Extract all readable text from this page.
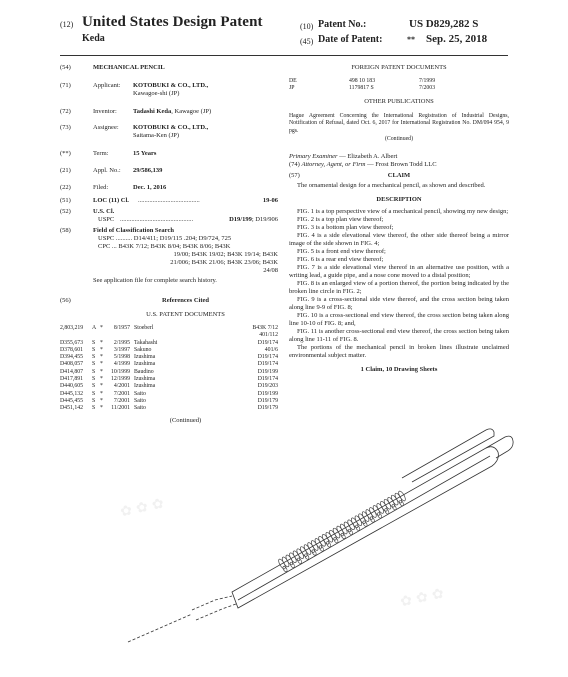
(12) United States Design Patent
Keda
(10) Patent No.:	US D829,282 S
(45) Date of Patent:	** Sep. 25, 2018
(54)	MECHANICAL PENCIL
(71)	Applicant: KOTOBUKI & CO., LTD.,
Kawagoe-shi (JP)
(72)	Inventor: Tadashi Keda, Kawagoe (JP)
(73)	Assignee: KOTOBUKI & CO., LTD.,
Saitama-Ken (JP)
(**)	Term:	15 Years
(21)	Appl. No.: 29/586,139
(22)	Filed:	Dec. 1, 2016
(51)	LOC (11) Cl. ......................................	19-06
(52)	U.S. Cl.
USPC .............................................	D19/199; D19/906
(58)	Field of Classification Search
USPC .......... D14/411; D19/115 .204; D9/724, 725
CPC ... B43K 7/12; B43K 8/04; B43K 8/06; B43K
19/00; B43K 19/02; B43K 19/14; B43K
21/006; B43K 21/06; B43K 23/06; B43K
24/08
See application file for complete search history.
(56)	References Cited
U.S. PATENT DOCUMENTS
2,803,219 A *	8/1957 Stoeberl	B43K 7/12
401/112
D355,673 S *	2/1995 Takahashi	D19/174
D378,601 S *	3/1997 Sakuno	401/6
D394,455 S *	5/1998 Izushima	D19/174
D408,057 S *	4/1999 Izushima	D19/174
D414,807 S * 10/1999 Baudino	D19/199
D417,891 S * 12/1999 Izushima	D19/174
D440,605 S *	4/2001 Izushima	D19/203
D445,132 S *	7/2001 Saito	D19/199
D445,455 S *	7/2001 Saito	D19/179
D451,142 S * 11/2001 Saito	D19/179
(Continued)
FOREIGN PATENT DOCUMENTS
DE	498 10 183	7/1999
JP	1179817 S	7/2003
OTHER PUBLICATIONS
Hague Agreement Concerning the International Registration of Industrial Designs, Notification of Refusal, dated Oct. 6, 2017 for International Registration No. DM/094 954, 9 pgs.
(Continued)
Primary Examiner — Elizabeth A. Albert
(74) Attorney, Agent, or Firm — Frost Brown Todd LLC
(57)	CLAIM
The ornamental design for a mechanical pencil, as shown and described.
DESCRIPTION

FIG. 1 is a top perspective view of a mechanical pencil, showing my new design;

FIG. 2 is a top plan view thereof;

FIG. 3 is a bottom plan view thereof;

FIG. 4 is a side elevational view thereof, the other side thereof being a mirror image of the side shown in FIG. 4;

FIG. 5 is a front end view thereof;

FIG. 6 is a rear end view thereof;

FIG. 7 is a side elevational view thereof in an alternative use position, with a writing lead, a guide pipe, and a nose cone moved to a distal position;

FIG. 8 is an enlarged view of a portion thereof, the portion being indicated by the broken line circle in FIG. 2;

FIG. 9 is a cross-sectional side view thereof, and the cross section being taken along line 9-9 of FIG. 8;

FIG. 10 is a cross-sectional end view thereof, the cross section being taken along line 10-10 of FIG. 8; and,

FIG. 11 is another cross-sectional end view thereof, the cross section being taken along line 11-11 of FIG. 8.

The portions of the mechanical pencil in broken lines illustrate unclaimed environmental subject matter.

1 Claim, 10 Drawing Sheets
✿ ✿ ✿
✿ ✿ ✿
